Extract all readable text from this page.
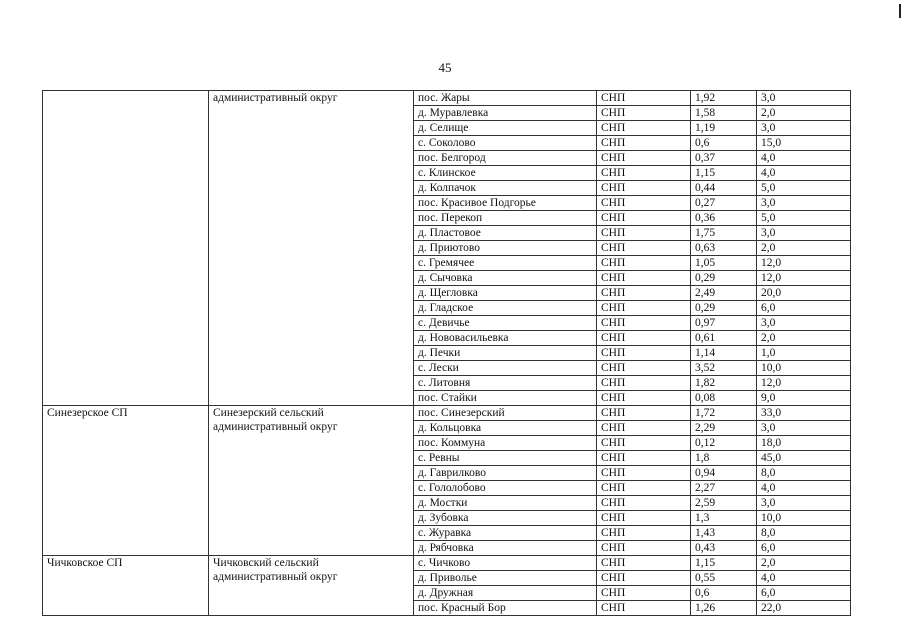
45
	административный округ	пос. Жары	СНП	1,92	3,0
		д. Муравлевка	СНП	1,58	2,0
		д. Селище	СНП	1,19	3,0
		с. Соколово	СНП	0,6	15,0
		пос. Белгород	СНП	0,37	4,0
		с. Клинское	СНП	1,15	4,0
		д. Колпачок	СНП	0,44	5,0
		пос. Красивое Подгорье	СНП	0,27	3,0
		пос. Перекоп	СНП	0,36	5,0
		д. Пластовое	СНП	1,75	3,0
		д. Приютово	СНП	0,63	2,0
		с. Гремячее	СНП	1,05	12,0
		д. Сычовка	СНП	0,29	12,0
		д. Щегловка	СНП	2,49	20,0
		д. Гладское	СНП	0,29	6,0
		с. Девичье	СНП	0,97	3,0
		д. Нововасильевка	СНП	0,61	2,0
		д. Печки	СНП	1,14	1,0
		с. Лески	СНП	3,52	10,0
		с. Литовня	СНП	1,82	12,0
		пос. Стайки	СНП	0,08	9,0
Синезерское СП	Синезерский сельский административный округ	пос. Синезерский	СНП	1,72	33,0
		д. Кольцовка	СНП	2,29	3,0
		пос. Коммуна	СНП	0,12	18,0
		с. Ревны	СНП	1,8	45,0
		д. Гаврилково	СНП	0,94	8,0
		с. Гололобово	СНП	2,27	4,0
		д. Мостки	СНП	2,59	3,0
		д. Зубовка	СНП	1,3	10,0
		с. Журавка	СНП	1,43	8,0
		д. Рябчовка	СНП	0,43	6,0
Чичковское СП	Чичковский сельский административный округ	с. Чичково	СНП	1,15	2,0
		д. Приволье	СНП	0,55	4,0
		д. Дружная	СНП	0,6	6,0
		пос. Красный Бор	СНП	1,26	22,0
